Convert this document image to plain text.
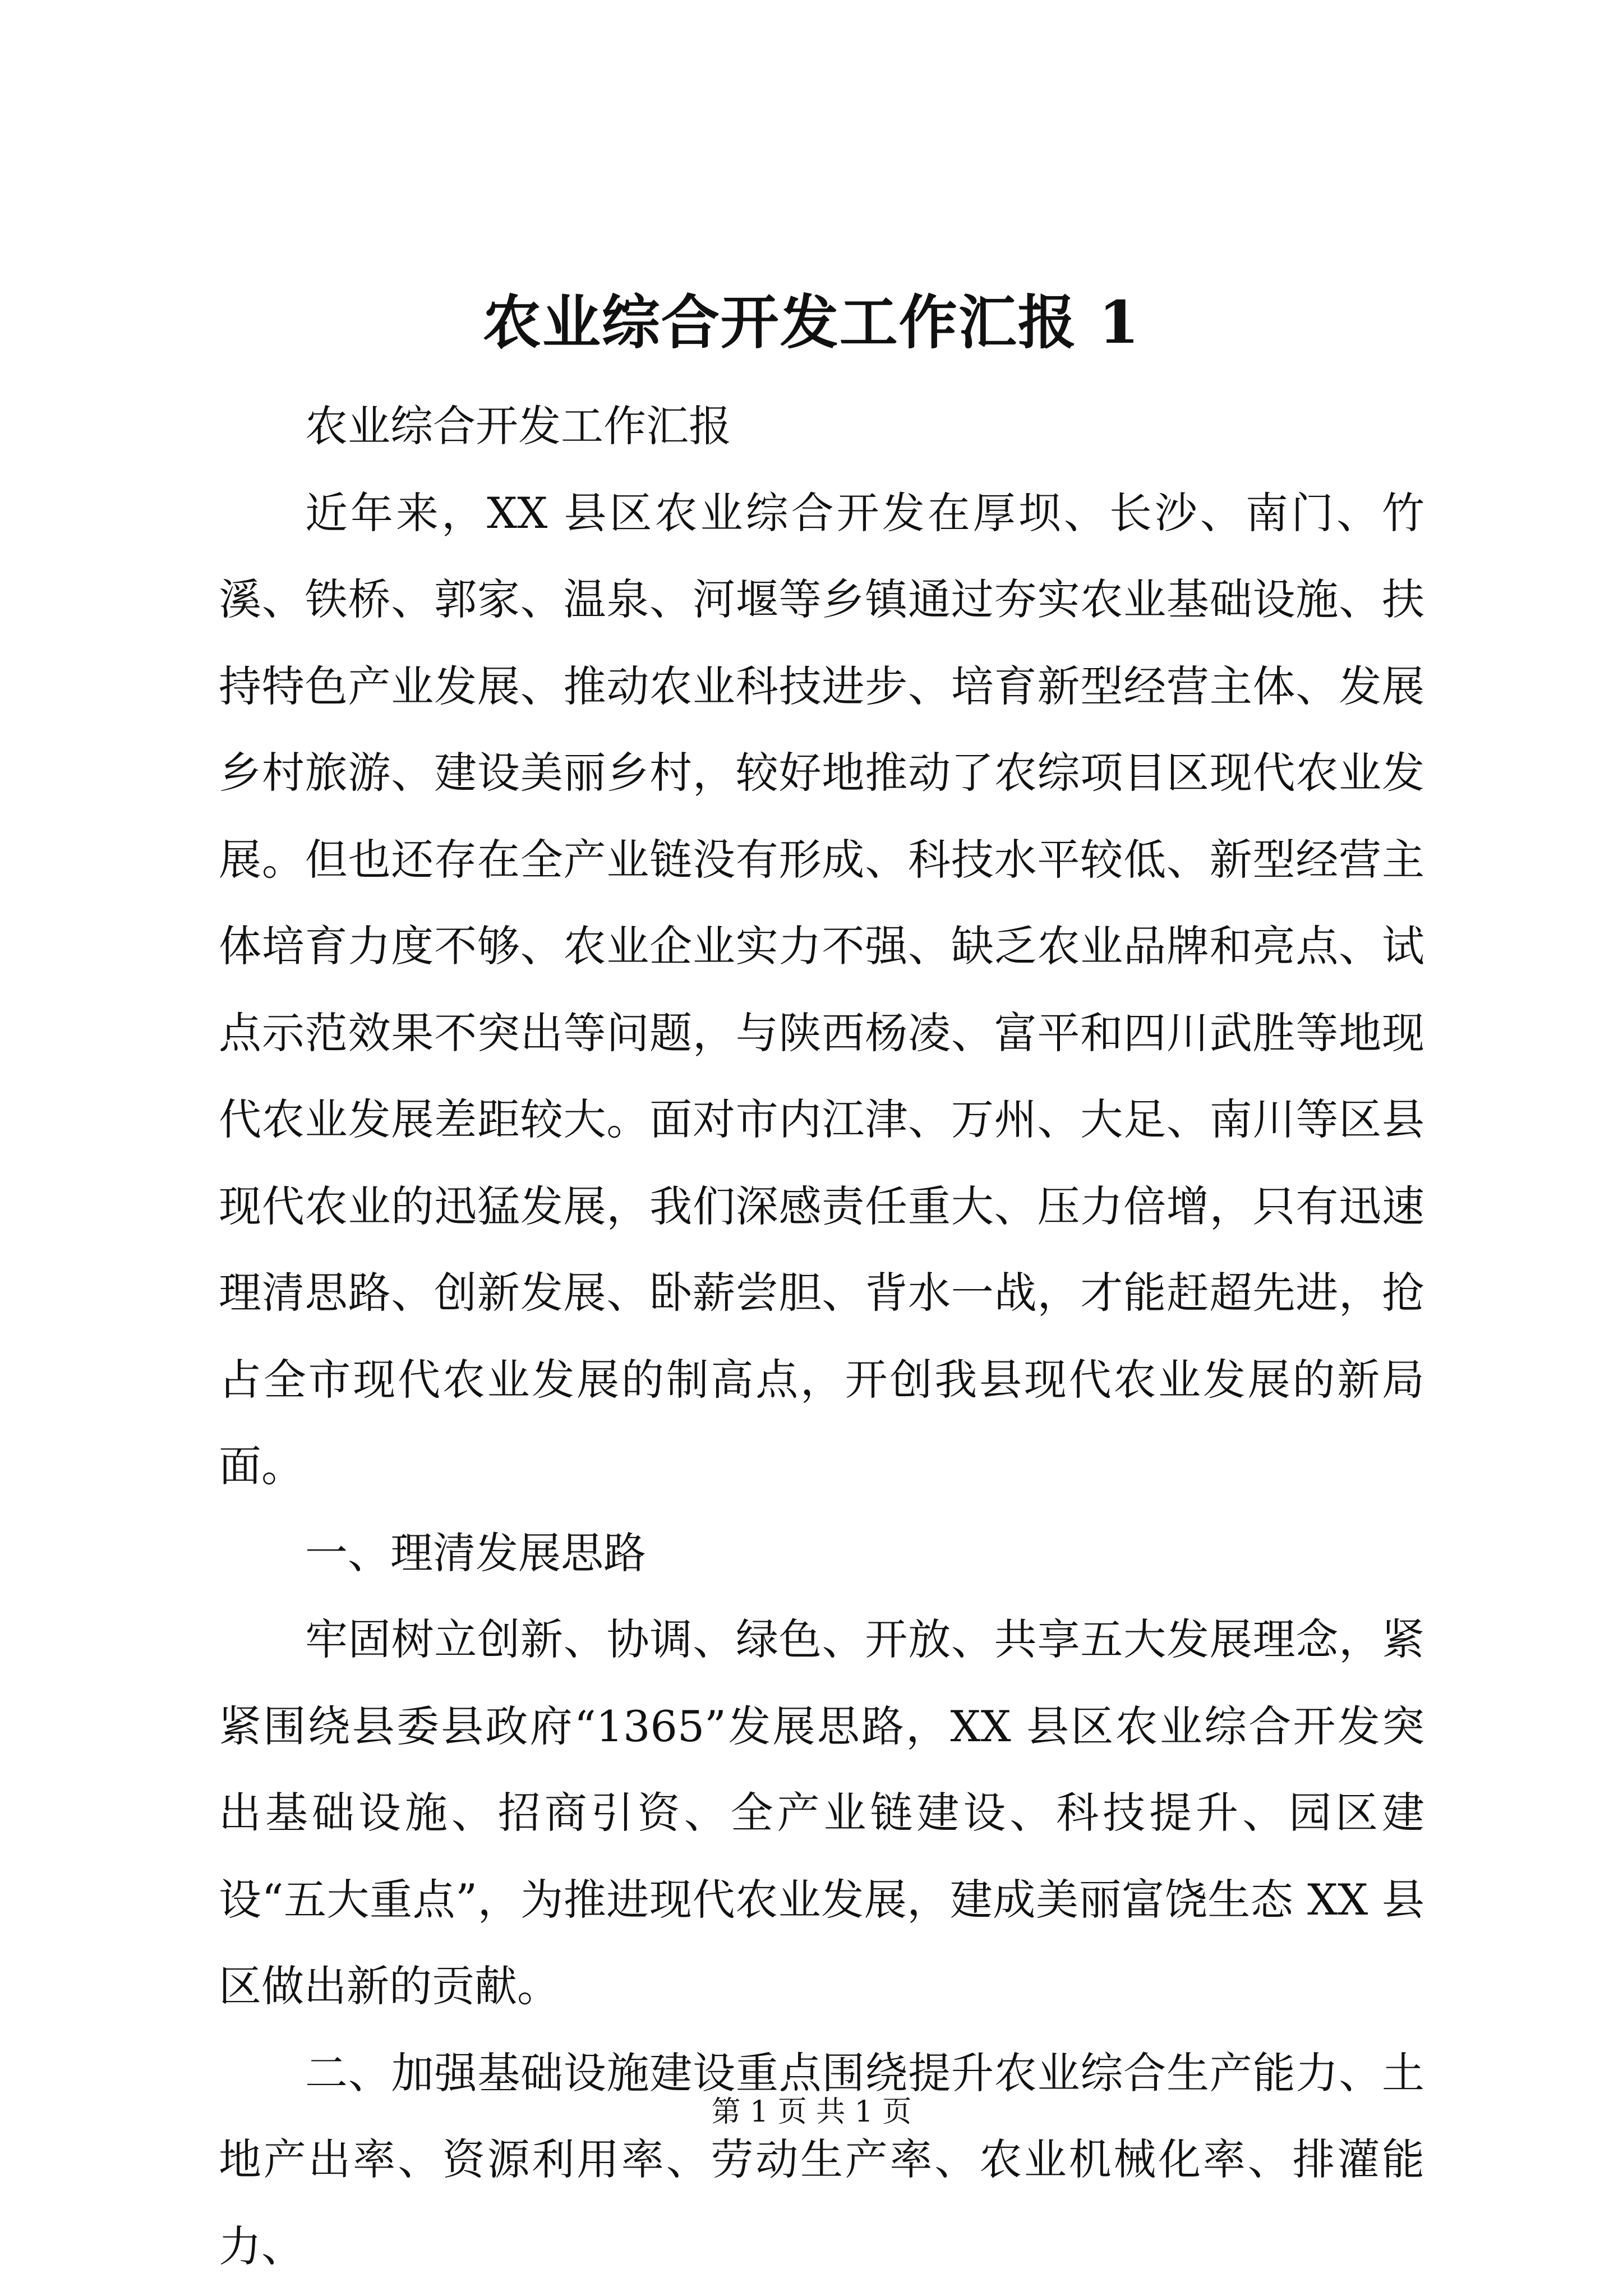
农业综合开发工作汇报 1

农业综合开发工作汇报

近年来，XX 县区农业综合开发在厚坝、长沙、南门、竹溪、铁桥、郭家、温泉、河堰等乡镇通过夯实农业基础设施、扶持特色产业发展、推动农业科技进步、培育新型经营主体、发展乡村旅游、建设美丽乡村，较好地推动了农综项目区现代农业发展。但也还存在全产业链没有形成、科技水平较低、新型经营主体培育力度不够、农业企业实力不强、缺乏农业品牌和亮点、试点示范效果不突出等问题，与陕西杨凌、富平和四川武胜等地现代农业发展差距较大。面对市内江津、万州、大足、南川等区县现代农业的迅猛发展，我们深感责任重大、压力倍增，只有迅速理清思路、创新发展、卧薪尝胆、背水一战，才能赶超先进，抢占全市现代农业发展的制高点，开创我县现代农业发展的新局面。

一、理清发展思路

牢固树立创新、协调、绿色、开放、共享五大发展理念，紧紧围绕县委县政府“1365”发展思路，XX 县区农业综合开发突出基础设施、招商引资、全产业链建设、科技提升、园区建设“五大重点”，为推进现代农业发展，建成美丽富饶生态 XX 县区做出新的贡献。

二、加强基础设施建设重点围绕提升农业综合生产能力、土地产出率、资源利用率、劳动生产率、农业机械化率、排灌能力、

第 1 页 共 1 页
